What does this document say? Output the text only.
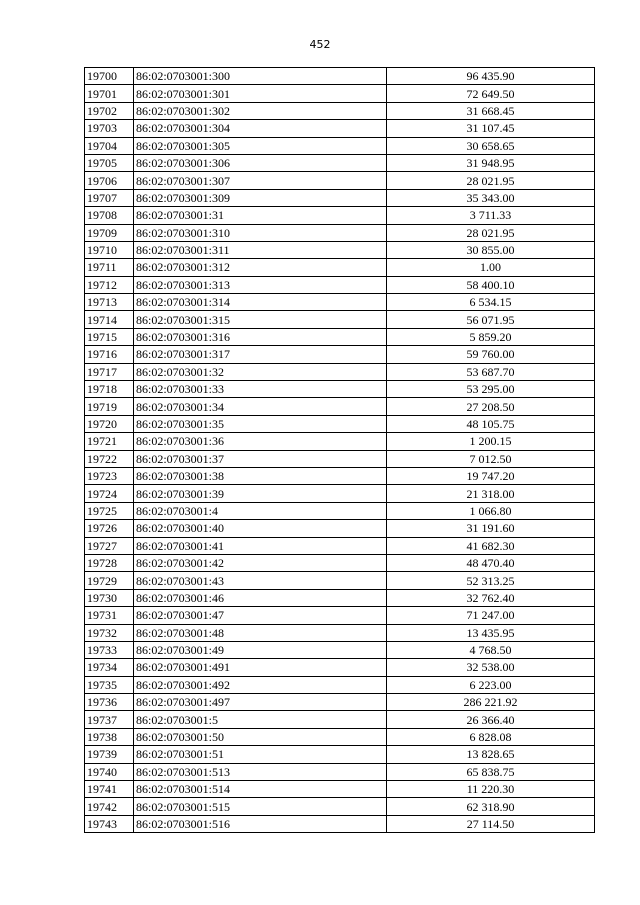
452
19700	86:02:0703001:300	96 435.90
19701	86:02:0703001:301	72 649.50
19702	86:02:0703001:302	31 668.45
19703	86:02:0703001:304	31 107.45
19704	86:02:0703001:305	30 658.65
19705	86:02:0703001:306	31 948.95
19706	86:02:0703001:307	28 021.95
19707	86:02:0703001:309	35 343.00
19708	86:02:0703001:31	3 711.33
19709	86:02:0703001:310	28 021.95
19710	86:02:0703001:311	30 855.00
19711	86:02:0703001:312	1.00
19712	86:02:0703001:313	58 400.10
19713	86:02:0703001:314	6 534.15
19714	86:02:0703001:315	56 071.95
19715	86:02:0703001:316	5 859.20
19716	86:02:0703001:317	59 760.00
19717	86:02:0703001:32	53 687.70
19718	86:02:0703001:33	53 295.00
19719	86:02:0703001:34	27 208.50
19720	86:02:0703001:35	48 105.75
19721	86:02:0703001:36	1 200.15
19722	86:02:0703001:37	7 012.50
19723	86:02:0703001:38	19 747.20
19724	86:02:0703001:39	21 318.00
19725	86:02:0703001:4	1 066.80
19726	86:02:0703001:40	31 191.60
19727	86:02:0703001:41	41 682.30
19728	86:02:0703001:42	48 470.40
19729	86:02:0703001:43	52 313.25
19730	86:02:0703001:46	32 762.40
19731	86:02:0703001:47	71 247.00
19732	86:02:0703001:48	13 435.95
19733	86:02:0703001:49	4 768.50
19734	86:02:0703001:491	32 538.00
19735	86:02:0703001:492	6 223.00
19736	86:02:0703001:497	286 221.92
19737	86:02:0703001:5	26 366.40
19738	86:02:0703001:50	6 828.08
19739	86:02:0703001:51	13 828.65
19740	86:02:0703001:513	65 838.75
19741	86:02:0703001:514	11 220.30
19742	86:02:0703001:515	62 318.90
19743	86:02:0703001:516	27 114.50
